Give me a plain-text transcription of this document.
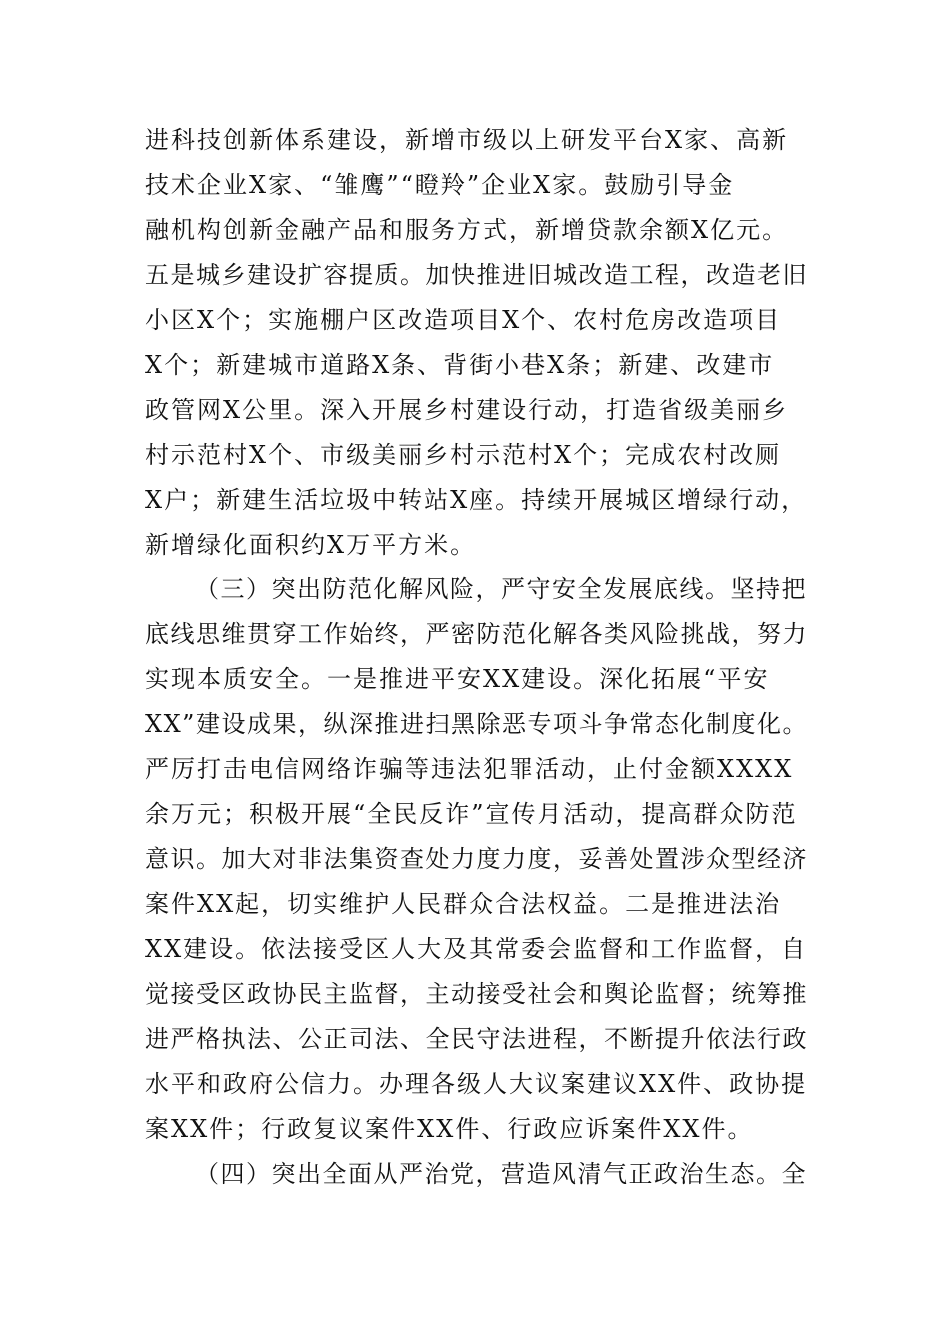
进科技创新体系建设，新增市级以上研发平台X家、高新
技术企业X家、“雏鹰”“瞪羚”企业X家。鼓励引导金
融机构创新金融产品和服务方式，新增贷款余额X亿元。
五是城乡建设扩容提质。加快推进旧城改造工程，改造老旧
小区X个；实施棚户区改造项目X个、农村危房改造项目
X个；新建城市道路X条、背街小巷X条；新建、改建市
政管网X公里。深入开展乡村建设行动，打造省级美丽乡
村示范村X个、市级美丽乡村示范村X个；完成农村改厕
X户；新建生活垃圾中转站X座。持续开展城区增绿行动，
新增绿化面积约X万平方米。
（三）突出防范化解风险，严守安全发展底线。坚持把
底线思维贯穿工作始终，严密防范化解各类风险挑战，努力
实现本质安全。一是推进平安XX建设。深化拓展“平安
XX”建设成果，纵深推进扫黑除恶专项斗争常态化制度化。
严厉打击电信网络诈骗等违法犯罪活动，止付金额XXXX
余万元；积极开展“全民反诈”宣传月活动，提高群众防范
意识。加大对非法集资查处力度力度，妥善处置涉众型经济
案件XX起，切实维护人民群众合法权益。二是推进法治
XX建设。依法接受区人大及其常委会监督和工作监督，自
觉接受区政协民主监督，主动接受社会和舆论监督；统筹推
进严格执法、公正司法、全民守法进程，不断提升依法行政
水平和政府公信力。办理各级人大议案建议XX件、政协提
案XX件；行政复议案件XX件、行政应诉案件XX件。
（四）突出全面从严治党，营造风清气正政治生态。全
